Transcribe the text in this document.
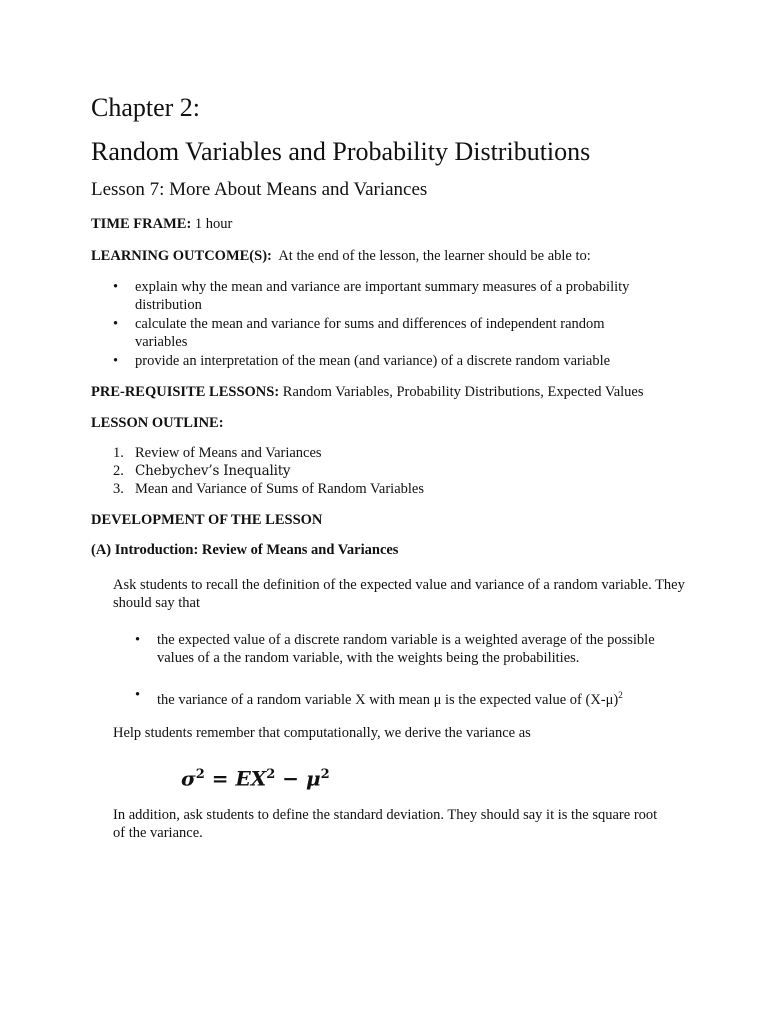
Chapter 2:
Random Variables and Probability Distributions
Lesson 7: More About Means and Variances
TIME FRAME: 1 hour
LEARNING OUTCOME(S): At the end of the lesson, the learner should be able to:
•	explain why the mean and variance are important summary measures of a probability distribution
•	calculate the mean and variance for sums and differences of independent random variables
•	provide an interpretation of the mean (and variance) of a discrete random variable
PRE-REQUISITE LESSONS: Random Variables, Probability Distributions, Expected Values
LESSON OUTLINE:
1. Review of Means and Variances
2. Chebychev’s Inequality
3. Mean and Variance of Sums of Random Variables
DEVELOPMENT OF THE LESSON
(A) Introduction: Review of Means and Variances
Ask students to recall the definition of the expected value and variance of a random variable. They should say that
•	the expected value of a discrete random variable is a weighted average of the possible values of a the random variable, with the weights being the probabilities.
•	the variance of a random variable X with mean μ is the expected value of $(X-\mu)^2$
Help students remember that computationally, we derive the variance as
$\sigma^2 = EX^2 - \mu^2$
In addition, ask students to define the standard deviation. They should say it is the square root of the variance.
